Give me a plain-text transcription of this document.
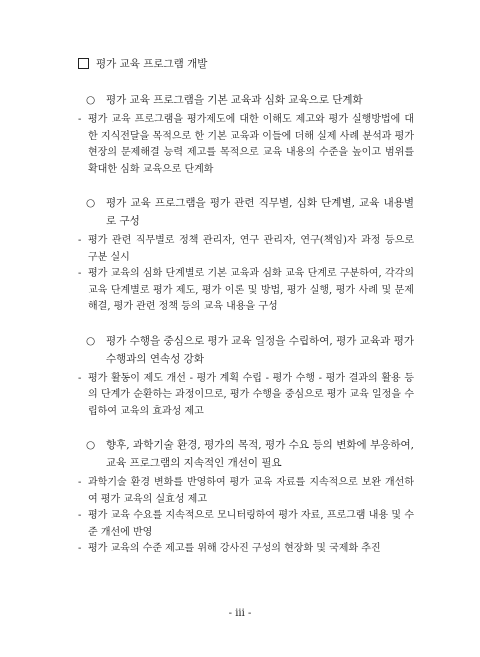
평가 교육 프로그램 개발
○ 평가 교육 프로그램을 기본 교육과 심화 교육으로 단계화
- 평가 교육 프로그램을 평가제도에 대한 이해도 제고와 평가 실행방법에 대한 지식전달을 목적으로 한 기본 교육과 이들에 더해 실제 사례 분석과 평가 현장의 문제해결 능력 제고를 목적으로 교육 내용의 수준을 높이고 범위를 확대한 심화 교육으로 단계화
○ 평가 교육 프로그램을 평가 관련 직무별, 심화 단계별, 교육 내용별로 구성
- 평가 관련 직무별로 정책 관리자, 연구 관리자, 연구(책임)자 과정 등으로 구분 실시
- 평가 교육의 심화 단계별로 기본 교육과 심화 교육 단계로 구분하여, 각각의 교육 단계별로 평가 제도, 평가 이론 및 방법, 평가 실행, 평가 사례 및 문제 해결, 평가 관련 정책 등의 교육 내용을 구성
○ 평가 수행을 중심으로 평가 교육 일정을 수립하여, 평가 교육과 평가 수행과의 연속성 강화
- 평가 활동이 제도 개선 - 평가 계획 수립 - 평가 수행 - 평가 결과의 활용 등의 단계가 순환하는 과정이므로, 평가 수행을 중심으로 평가 교육 일정을 수립하여 교육의 효과성 제고
○ 향후, 과학기술 환경, 평가의 목적, 평가 수요 등의 변화에 부응하여, 교육 프로그램의 지속적인 개선이 필요
- 과학기술 환경 변화를 반영하여 평가 교육 자료를 지속적으로 보완 개선하여 평가 교육의 실효성 제고
- 평가 교육 수요를 지속적으로 모니터링하여 평가 자료, 프로그램 내용 및 수준 개선에 반영
- 평가 교육의 수준 제고를 위해 강사진 구성의 현장화 및 국제화 추진
- iii -
